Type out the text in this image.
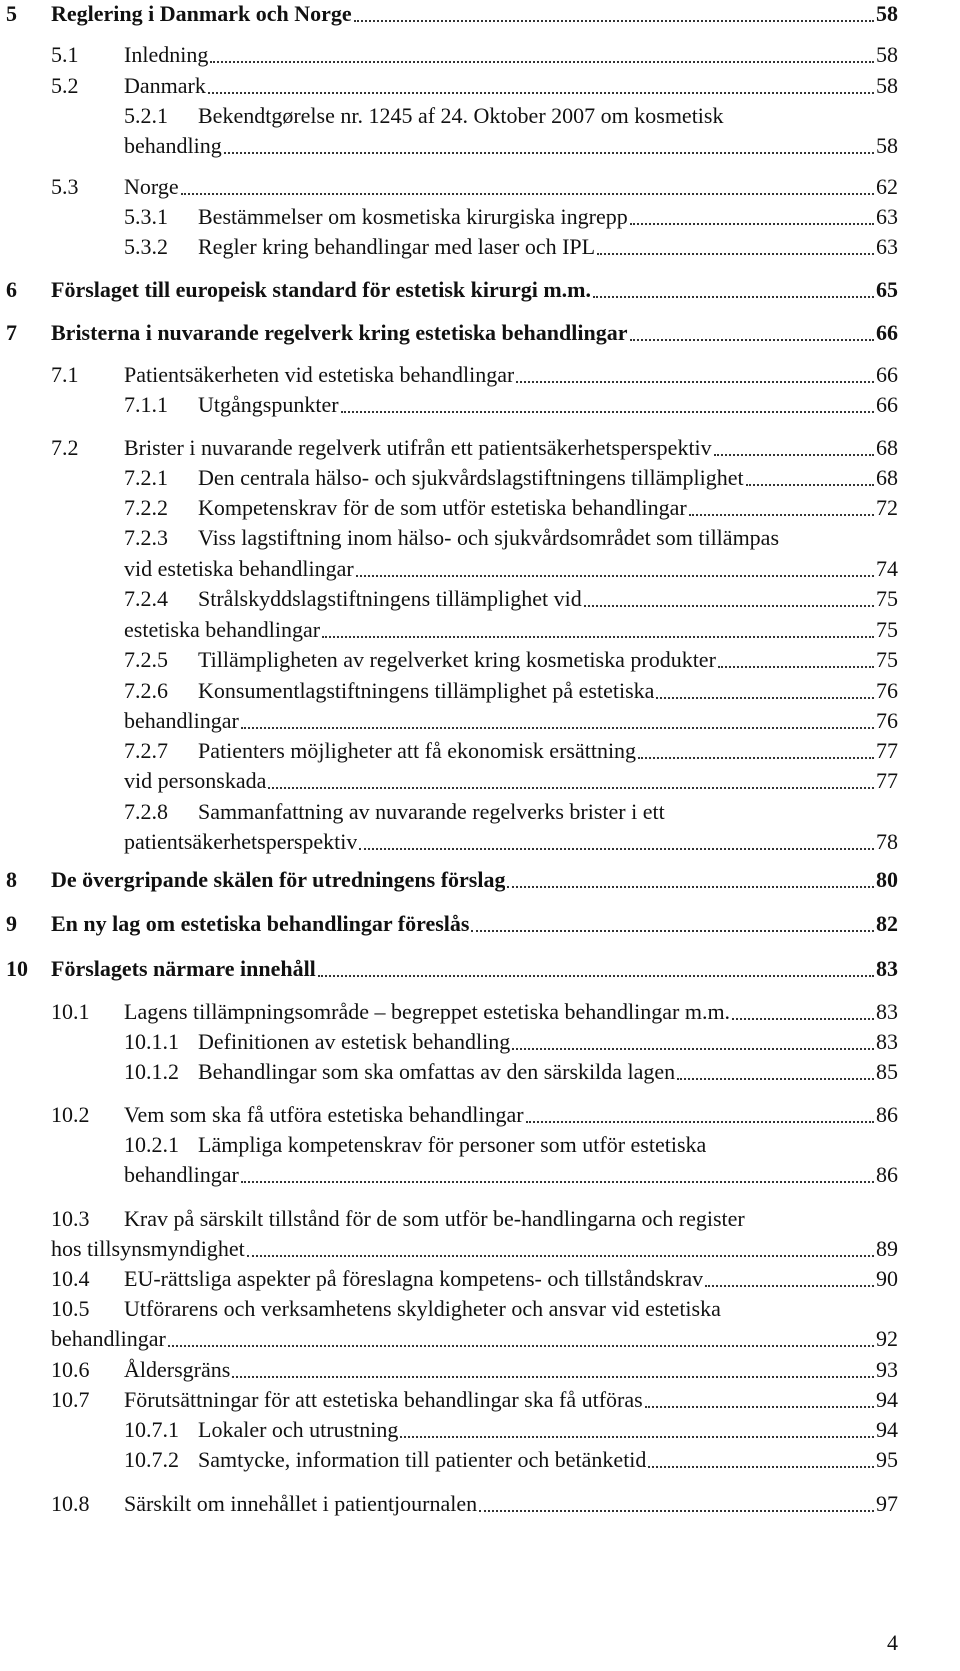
5 Reglering i Danmark och Norge	58
5.1 Inledning	58
5.2 Danmark	58
5.2.1 Bekendtgørelse nr. 1245 af 24. Oktober 2007 om kosmetisk
behandling	58
5.3 Norge	62
5.3.1 Bestämmelser om kosmetiska kirurgiska ingrepp	63
5.3.2 Regler kring behandlingar med laser och IPL	63
6 Förslaget till europeisk standard för estetisk kirurgi m.m.	65
7 Bristerna i nuvarande regelverk kring estetiska behandlingar	66
7.1 Patientsäkerheten vid estetiska behandlingar	66
7.1.1 Utgångspunkter	66
7.2 Brister i nuvarande regelverk utifrån ett patientsäkerhetsperspektiv	68
7.2.1 Den centrala hälso- och sjukvårdslagstiftningens tillämplighet	68
7.2.2 Kompetenskrav för de som utför estetiska behandlingar	72
7.2.3 Viss lagstiftning inom hälso- och sjukvårdsområdet som tillämpas
vid estetiska behandlingar	74
7.2.4 Strålskyddslagstiftningens tillämplighet vid	75
estetiska behandlingar	75
7.2.5 Tillämpligheten av regelverket kring kosmetiska produkter	75
7.2.6 Konsumentlagstiftningens tillämplighet på estetiska	76
behandlingar	76
7.2.7 Patienters möjligheter att få ekonomisk ersättning	77
vid personskada	77
7.2.8 Sammanfattning av nuvarande regelverks brister i ett
patientsäkerhetsperspektiv	78
8 De övergripande skälen för utredningens förslag	80
9 En ny lag om estetiska behandlingar föreslås	82
10 Förslagets närmare innehåll	83
10.1 Lagens tillämpningsområde – begreppet estetiska behandlingar m.m.	83
10.1.1 Definitionen av estetisk behandling	83
10.1.2 Behandlingar som ska omfattas av den särskilda lagen	85
10.2 Vem som ska få utföra estetiska behandlingar	86
10.2.1 Lämpliga kompetenskrav för personer som utför estetiska
behandlingar	86
10.3 Krav på särskilt tillstånd för de som utför be-handlingarna och register
hos tillsynsmyndighet	89
10.4 EU-rättsliga aspekter på föreslagna kompetens- och tillståndskrav	90
10.5 Utförarens och verksamhetens skyldigheter och ansvar vid estetiska
behandlingar	92
10.6 Åldersgräns	93
10.7 Förutsättningar för att estetiska behandlingar ska få utföras	94
10.7.1 Lokaler och utrustning	94
10.7.2 Samtycke, information till patienter och betänketid	95
10.8 Särskilt om innehållet i patientjournalen	97
4
